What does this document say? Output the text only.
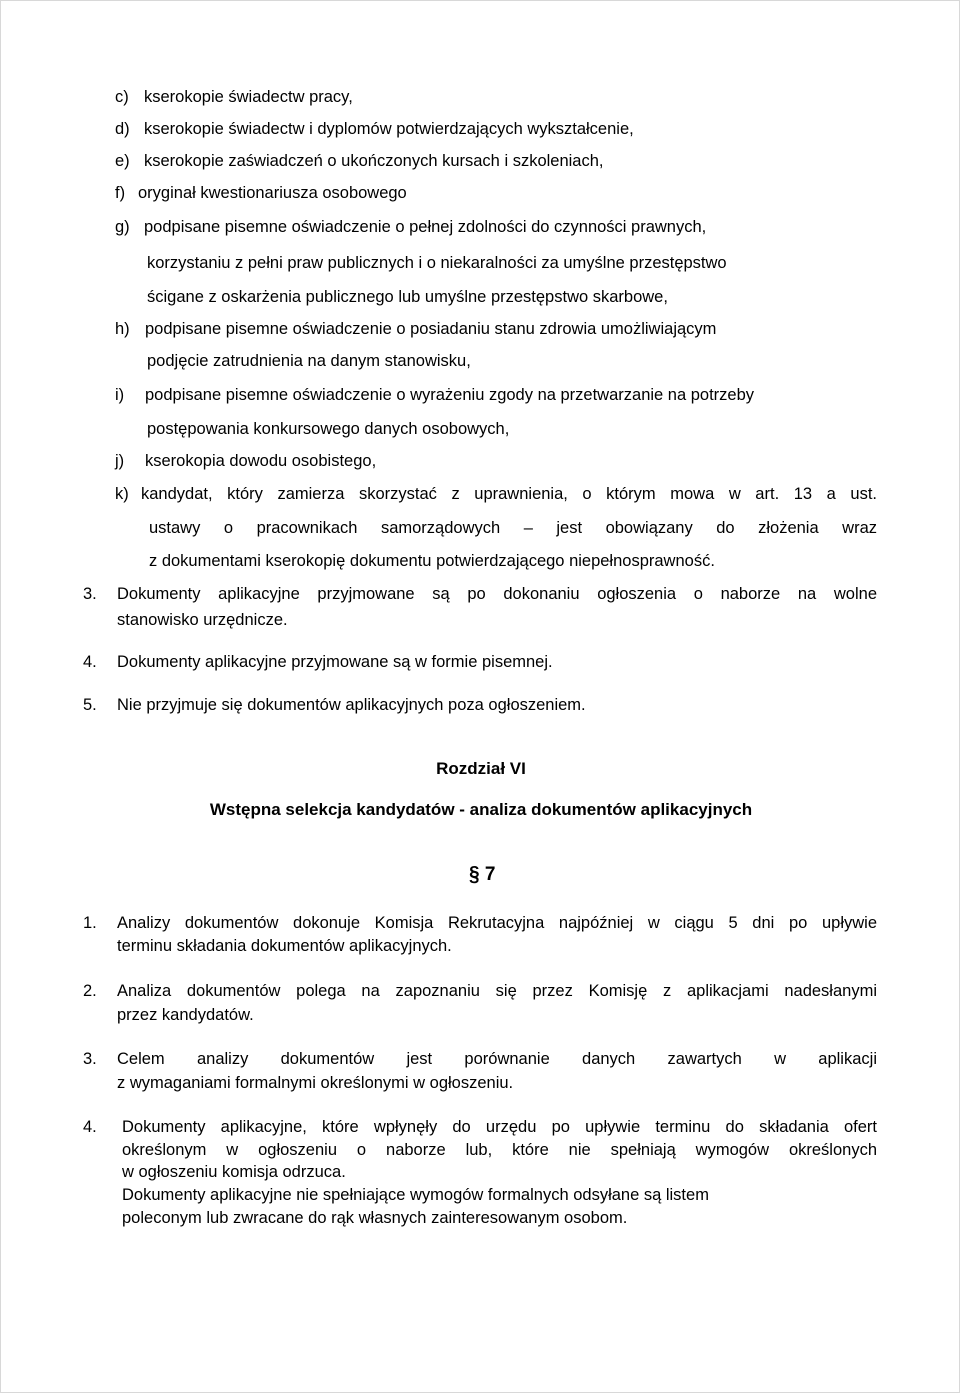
c) kserokopie świadectw pracy,
d) kserokopie świadectw i dyplomów potwierdzających wykształcenie,
e) kserokopie zaświadczeń o ukończonych kursach i szkoleniach,
f) oryginał kwestionariusza osobowego
g) podpisane pisemne oświadczenie o pełnej zdolności do czynności prawnych,
korzystaniu z pełni praw publicznych i o niekaralności za umyślne przestępstwo
ścigane z oskarżenia publicznego lub umyślne przestępstwo skarbowe,
h) podpisane pisemne oświadczenie o posiadaniu stanu zdrowia umożliwiającym
podjęcie zatrudnienia na danym stanowisku,
i) podpisane pisemne oświadczenie o wyrażeniu zgody na przetwarzanie na potrzeby
postępowania konkursowego danych osobowych,
j) kserokopia dowodu osobistego,
k) kandydat, który zamierza skorzystać z uprawnienia, o którym mowa w art. 13 a ust.
ustawy o pracownikach samorządowych – jest obowiązany do złożenia wraz
z dokumentami kserokopię dokumentu potwierdzającego niepełnosprawność.
3. Dokumenty aplikacyjne przyjmowane są po dokonaniu ogłoszenia o naborze na wolne
stanowisko urzędnicze.
4. Dokumenty aplikacyjne przyjmowane są w formie pisemnej.
5. Nie przyjmuje się dokumentów aplikacyjnych poza ogłoszeniem.
Rozdział VI
Wstępna selekcja kandydatów - analiza dokumentów aplikacyjnych
§ 7
1. Analizy dokumentów dokonuje Komisja Rekrutacyjna najpóźniej w ciągu 5 dni po upływie
terminu składania dokumentów aplikacyjnych.
2. Analiza dokumentów polega na zapoznaniu się przez Komisję z aplikacjami nadesłanymi
przez kandydatów.
3. Celem analizy dokumentów jest porównanie danych zawartych w aplikacji
z wymaganiami formalnymi określonymi w ogłoszeniu.
4. Dokumenty aplikacyjne, które wpłynęły do urzędu po upływie terminu do składania ofert
określonym w ogłoszeniu o naborze lub, które nie spełniają wymogów określonych
w ogłoszeniu komisja odrzuca.
Dokumenty aplikacyjne nie spełniające wymogów formalnych odsyłane są listem
poleconym lub zwracane do rąk własnych zainteresowanym osobom.
